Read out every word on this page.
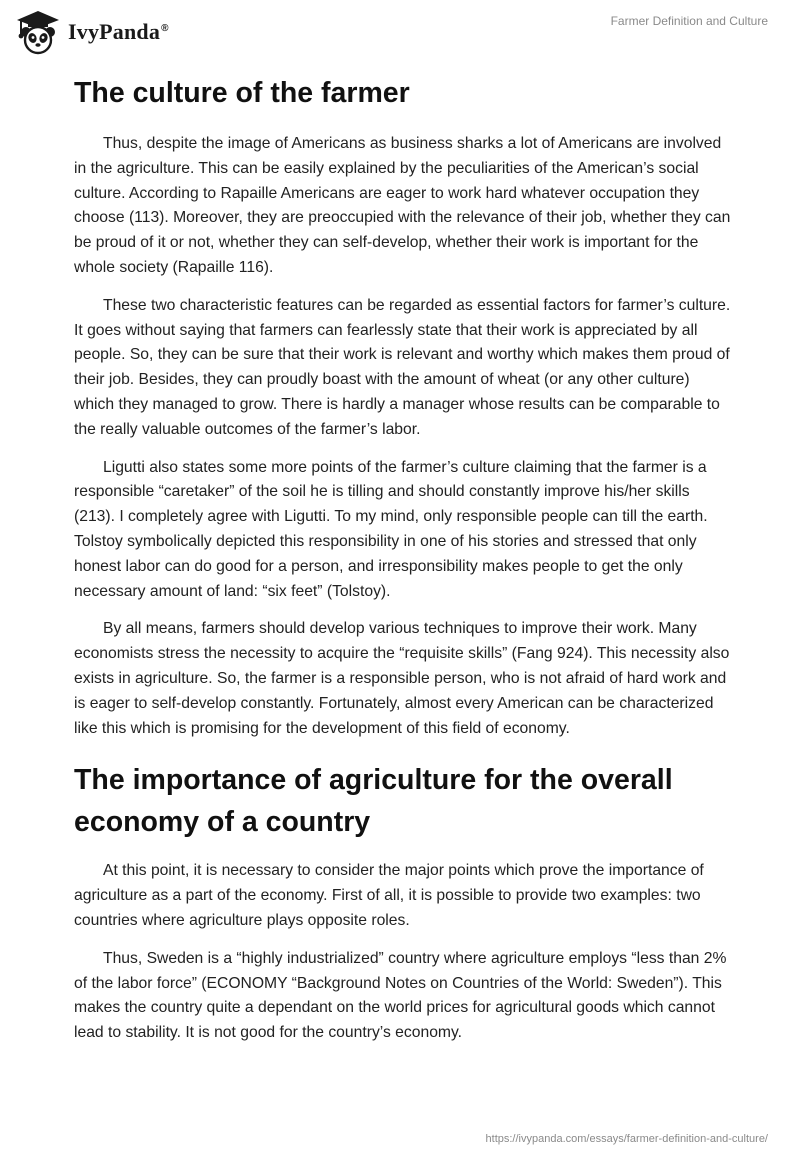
IvyPanda®
Farmer Definition and Culture
The culture of the farmer

Thus, despite the image of Americans as business sharks a lot of Americans are involved in the agriculture. This can be easily explained by the peculiarities of the American’s social culture. According to Rapaille Americans are eager to work hard whatever occupation they choose (113). Moreover, they are preoccupied with the relevance of their job, whether they can be proud of it or not, whether they can self-develop, whether their work is important for the whole society (Rapaille 116).

These two characteristic features can be regarded as essential factors for farmer’s culture. It goes without saying that farmers can fearlessly state that their work is appreciated by all people. So, they can be sure that their work is relevant and worthy which makes them proud of their job. Besides, they can proudly boast with the amount of wheat (or any other culture) which they managed to grow. There is hardly a manager whose results can be comparable to the really valuable outcomes of the farmer’s labor.

Ligutti also states some more points of the farmer’s culture claiming that the farmer is a responsible “caretaker” of the soil he is tilling and should constantly improve his/her skills (213). I completely agree with Ligutti. To my mind, only responsible people can till the earth. Tolstoy symbolically depicted this responsibility in one of his stories and stressed that only honest labor can do good for a person, and irresponsibility makes people to get the only necessary amount of land: “six feet” (Tolstoy).

By all means, farmers should develop various techniques to improve their work. Many economists stress the necessity to acquire the “requisite skills” (Fang 924). This necessity also exists in agriculture. So, the farmer is a responsible person, who is not afraid of hard work and is eager to self-develop constantly. Fortunately, almost every American can be characterized like this which is promising for the development of this field of economy.

The importance of agriculture for the overall economy of a country

At this point, it is necessary to consider the major points which prove the importance of agriculture as a part of the economy. First of all, it is possible to provide two examples: two countries where agriculture plays opposite roles.

Thus, Sweden is a “highly industrialized” country where agriculture employs “less than 2% of the labor force” (ECONOMY “Background Notes on Countries of the World: Sweden”). This makes the country quite a dependant on the world prices for agricultural goods which cannot lead to stability. It is not good for the country’s economy.

https://ivypanda.com/essays/farmer-definition-and-culture/
